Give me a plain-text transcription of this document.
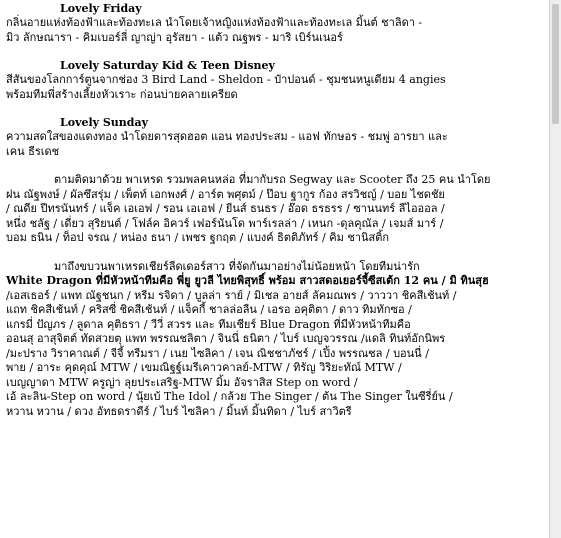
Lovely Friday

กลิ่นอายแห่งท้องฟ้าและท้องทะเล นำโดยเจ้าหญิงแห่งท้องฟ้าและท้องทะเล มิ้นต์ ชาลิดา -

มิว ลักษณารา - คิมเบอร์ลี่ ญาญ่า อุรัสยา - แต้ว ณฐพร - มาริ เบิร์นเนอร์

Lovely Saturday Kid & Teen Disney

สีสันของโลกการ์ตูนจากช่อง 3 Bird Land - Sheldon - ป๋าปอนด์ - ชุมชนหนูเดียม 4 angies

พร้อมทีมพี่สร้างเลี้ยงหัวเราะ ก่อนบ่ายคลายเครียด

Lovely Sunday

ความสดใสของแดงทอง นำโดยดารสุดฮอต แอน ทองประสม - แอฟ ทักษอร - ชมพู่ อารยา และ

เคน ธีรเดช

ตามติดมาด้วย พาเหรด รวมพลคนหล่อ ที่มากับรถ Segway และ Scooter ถึง 25 คน นำโดย

ฝน ณัฐพงษ์ / ผัลซึสรุ่ม / เพ็ตท์ เอกพงศ์ / อาร์ต พศุตม์ / ป๊อบ ฐากูร ก้อง สรวิชญ์ / บอย ไชดชัย

/ ณดีย ปีทรนันทร์ / แจ็ค เอเอฟ / รอน เอเอฟ / ยีนส์ ธนธร / อ๊อด ธรธรร / ซานนทร์ ลีไอออล /

หนึ่ง ชลัฐ / เดี่ยว สุริยนต์ / โฟล์ค อิควร์ เฟอร์นันโด พาร์เรลล่า / เหนก -ดุลคุณัล / เจมส์ มาร์ /

บอม ธนิน / ท็อป จรณ / หน่อง ธนา / เพชร ฐกฤต / แบงค์ ธิตติภัทร์ / คิม ชานิสติ้ก

มาถึงขบวนพาเหรดเชียร์ลีดเดอร์สาว ที่จัดกันมาอย่างไม่น้อยหน้า โดยทีมน่ารัก

White Dragon ที่มีหัวหน้าทีมคือ พี่ยู ยูวลี ไทยพิสุทธิ์ พร้อม สาวสดอเยอร์จี้ซีสเต้ก 12 คน / มิ ทินสุฮ

/เอสเธอร์ / แพท ณัฐชนก / หรีม รจิดา / บูลล่า ราย์ / มิเชล อายส์ ลัคมณพร / วาววา ชิคสีเช้นท์ /

แถท ชิคสีเช้นท์ / คริสซี่ ชิคสีเช้นท์ / แจ็คกี้ ชาลล่อลีน / เอรอ อคุติตา / ดาว ทิมทักซอ /

แกรมี่ ปัญภร / ลูดาล คุติธรา / วีวี่ สวรร และ ทีมเชียร์ Blue Dragon ที่มีหัวหน้าทีมคือ

ออนสุ อาสุจิตต์ ทัดสวยตุ แพท พรรณชลิตา / จินนี่ ธนิตา / ไบร์ เบญจวรรณ /แดลิ ทินท์อักนิพร

/มะปราง วิราคาณต์ / จีจี้ ทรีมรา / เนย ไซลิคา / เจน ณิชชาภัชร์ / เปิ้ง พรรณชล / บอนนี่ /

พาย / อาระ คุดคุณ์ MTW / เขมณิฐฐ์เมรีเคาวคาลย์-MTW / ทิรัญ วิริยะทัณ์ MTW /

เบญญาดา MTW ครูญ่า ลุยประเสริฐ-MTW มิ้ม อัจราสิส Step on word /

เอ้ ละลิน-Step on word / นุ้ยเบ้ The Idol / กล้วย The Singer / ต้น The Singer ในซีรี่ย์น /

หวาน หวาน / ดวง อัทธดราดีร์ / ไบร์ ไซลิคา / มิ้นท์ มิ้นทิดา / ไบร์ สาวิตรี
